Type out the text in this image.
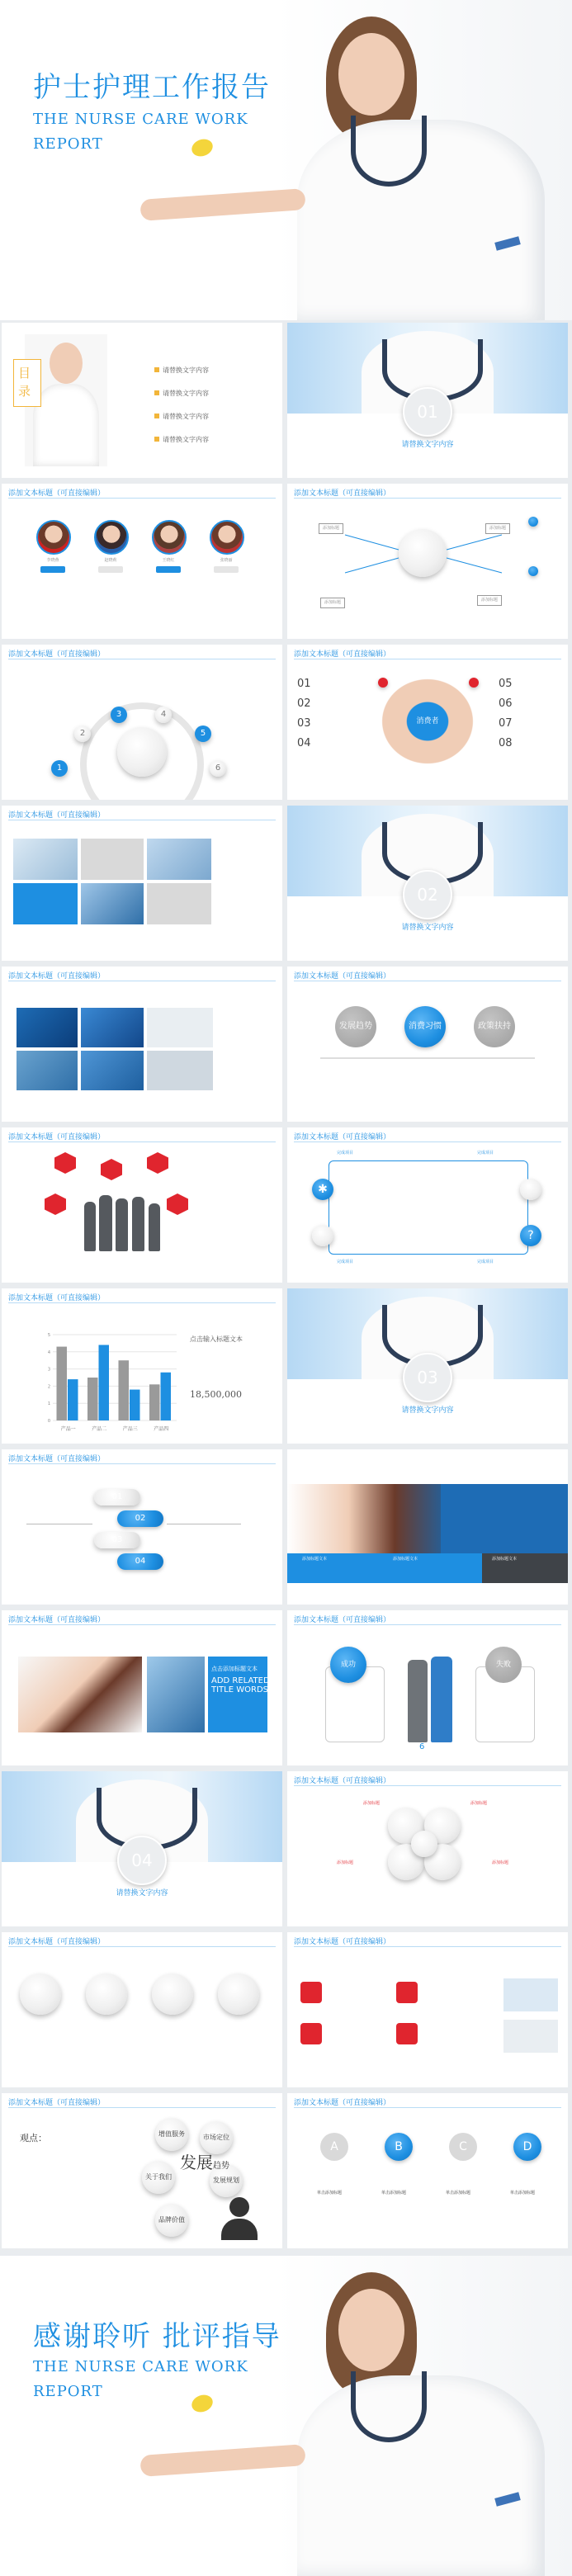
护士护理工作报告
THE NURSE CARE WORK
REPORT
目录
请替换文字内容
请替换文字内容
请替换文字内容
请替换文字内容
01
请替换文字内容
添加文本标题（可直接编辑）
李晓燕	赵晓莉	王晓红	张晓丽
添加文本标题（可直接编辑）
添加标题
添加标题
添加标题
添加标题
添加文本标题（可直接编辑）
1
2
3	4
5
6
添加文本标题（可直接编辑）
01
02
03
04
05
06
07
08
消费者
添加文本标题（可直接编辑）
02
请替换文字内容
添加文本标题（可直接编辑）	添加文本标题（可直接编辑）
发展趋势	消费习惯	政策扶持
添加文本标题（可直接编辑）	添加文本标题（可直接编辑）
完成项目	完成项目
完成项目	完成项目
✱
?
添加文本标题（可直接编辑）
产品一	产品二	产品三	产品四
0
1
2
3
4
5	点击输入标题文本
18,500,000
03
请替换文字内容
添加文本标题（可直接编辑）
01
02
03
04	添加标题文本	添加标题文本	添加标题文本
添加文本标题（可直接编辑）
点击添加标题文本
ADD RELATED
TITLE WORDS
添加文本标题（可直接编辑）
成功	失败
6
04
请替换文字内容
添加文本标题（可直接编辑）
添加标题	添加标题
添加标题	添加标题
添加文本标题（可直接编辑）	添加文本标题（可直接编辑）
添加文本标题（可直接编辑）
观点：	增值服务	市场定位
关于我们	发展规划
品牌价值
发展趋势
添加文本标题（可直接编辑）
A	B	C	D
单击添加标题	单击添加标题	单击添加标题	单击添加标题
感谢聆听 批评指导
THE NURSE CARE WORK
REPORT
